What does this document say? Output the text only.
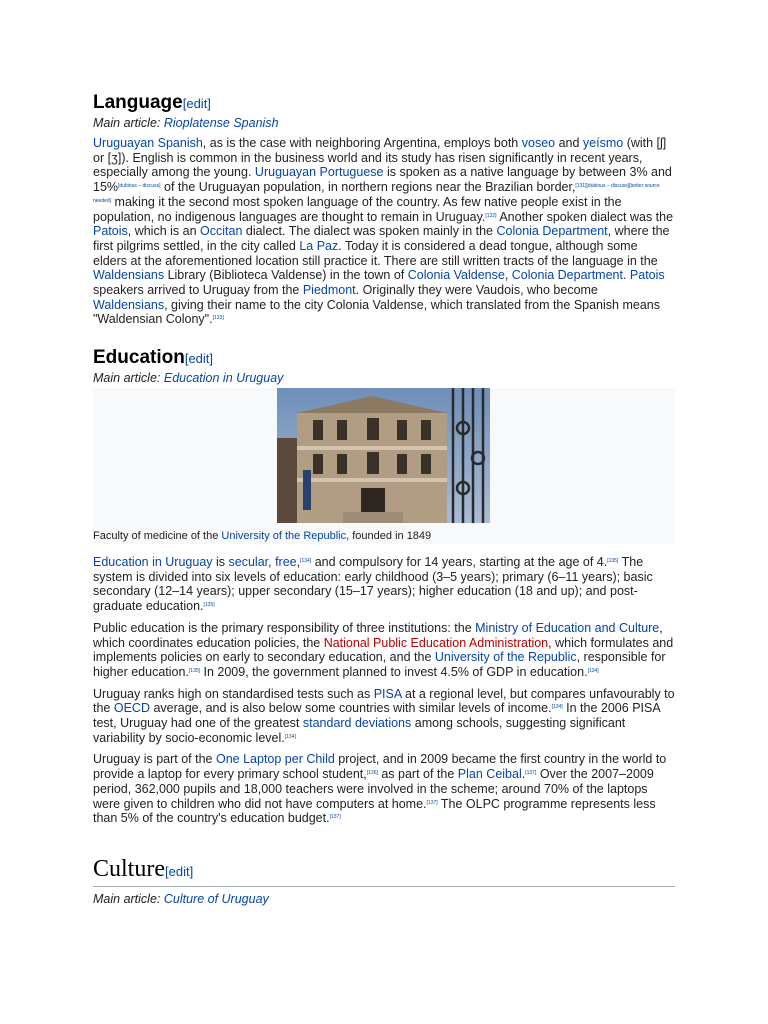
Language[edit]
Main article: Rioplatense Spanish

Uruguayan Spanish, as is the case with neighboring Argentina, employs both voseo and yeísmo (with [ʃ] or [ʒ]). English is common in the business world and its study has risen significantly in recent years, especially among the young. Uruguayan Portuguese is spoken as a native language by between 3% and 15%[dubious – discuss] of the Uruguayan population, in northern regions near the Brazilian border,[131][dubious – discuss][better source needed] making it the second most spoken language of the country. As few native people exist in the population, no indigenous languages are thought to remain in Uruguay.[132] Another spoken dialect was the Patois, which is an Occitan dialect. The dialect was spoken mainly in the Colonia Department, where the first pilgrims settled, in the city called La Paz. Today it is considered a dead tongue, although some elders at the aforementioned location still practice it. There are still written tracts of the language in the Waldensians Library (Biblioteca Valdense) in the town of Colonia Valdense, Colonia Department. Patois speakers arrived to Uruguay from the Piedmont. Originally they were Vaudois, who become Waldensians, giving their name to the city Colonia Valdense, which translated from the Spanish means "Waldensian Colony".[133]

Education[edit]
Main article: Education in Uruguay
Faculty of medicine of the University of the Republic, founded in 1849

Education in Uruguay is secular, free,[134] and compulsory for 14 years, starting at the age of 4.[135] The system is divided into six levels of education: early childhood (3–5 years); primary (6–11 years); basic secondary (12–14 years); upper secondary (15–17 years); higher education (18 and up); and post-graduate education.[135]

Public education is the primary responsibility of three institutions: the Ministry of Education and Culture, which coordinates education policies, the National Public Education Administration, which formulates and implements policies on early to secondary education, and the University of the Republic, responsible for higher education.[135] In 2009, the government planned to invest 4.5% of GDP in education.[134]

Uruguay ranks high on standardised tests such as PISA at a regional level, but compares unfavourably to the OECD average, and is also below some countries with similar levels of income.[134] In the 2006 PISA test, Uruguay had one of the greatest standard deviations among schools, suggesting significant variability by socio-economic level.[134]

Uruguay is part of the One Laptop per Child project, and in 2009 became the first country in the world to provide a laptop for every primary school student,[136] as part of the Plan Ceibal.[137] Over the 2007–2009 period, 362,000 pupils and 18,000 teachers were involved in the scheme; around 70% of the laptops were given to children who did not have computers at home.[137] The OLPC programme represents less than 5% of the country's education budget.[137]

Culture[edit]
Main article: Culture of Uruguay
